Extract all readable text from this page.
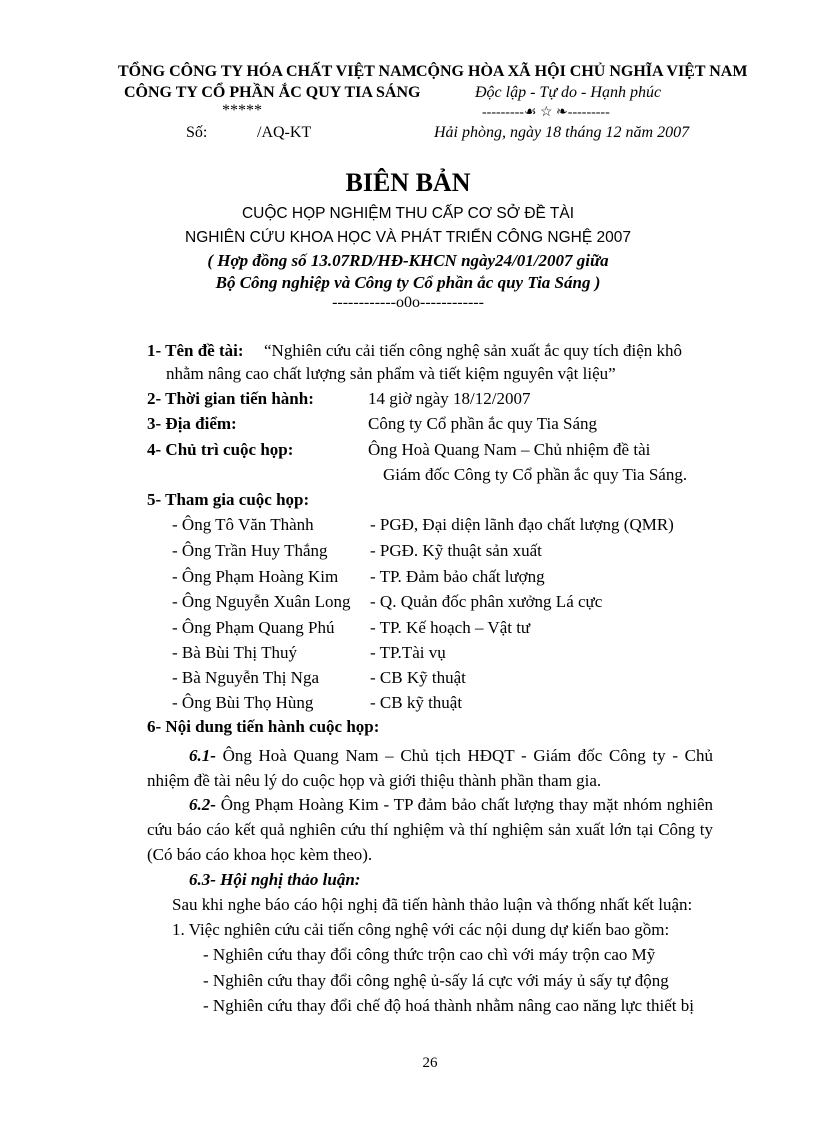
TỔNG CÔNG TY HÓA CHẤT VIỆT NAM
CÔNG TY CỔ PHẦN ẮC QUY TIA SÁNG
*****
Số:	/AQ-KT
CỘNG HÒA XÃ HỘI CHỦ NGHĨA VIỆT NAM
Độc lập - Tự do - Hạnh phúc
---------☙ ☆ ❧---------
Hải phòng, ngày 18 tháng 12 năm 2007
BIÊN BẢN
CUỘC HỌP NGHIỆM THU CẤP CƠ SỞ ĐỀ TÀI
NGHIÊN CỨU KHOA HỌC VÀ PHÁT TRIỂN CÔNG NGHỆ 2007
( Hợp đồng số 13.07RD/HĐ-KHCN ngày24/01/2007 giữa
Bộ Công nghiệp và Công ty Cổ phần ắc quy Tia Sáng )
------------o0o------------
1- Tên đề tài: “Nghiên cứu cải tiến công nghệ sản xuất ắc quy tích điện khô
nhằm nâng cao chất lượng sản phẩm và tiết kiệm nguyên vật liệu”
2- Thời gian tiến hành:	14 giờ ngày 18/12/2007
3- Địa điểm:	Công ty Cổ phần ắc quy Tia Sáng
4- Chủ trì cuộc họp:	Ông Hoà Quang Nam – Chủ nhiệm đề tài
Giám đốc Công ty Cổ phần ắc quy Tia Sáng.
5- Tham gia cuộc họp:
- Ông Tô Văn Thành	- PGĐ, Đại diện lãnh đạo chất lượng (QMR)
- Ông Trần Huy Thắng - PGĐ. Kỹ thuật sản xuất
- Ông Phạm Hoàng Kim - TP. Đảm bảo chất lượng
- Ông Nguyễn Xuân Long - Q. Quản đốc phân xưởng Lá cực
- Ông Phạm Quang Phú - TP. Kế hoạch – Vật tư
- Bà Bùi Thị Thuý	- TP.Tài vụ
- Bà Nguyễn Thị Nga	- CB Kỹ thuật
- Ông Bùi Thọ Hùng	- CB kỹ thuật
6- Nội dung tiến hành cuộc họp:
6.1- Ông Hoà Quang Nam – Chủ tịch HĐQT - Giám đốc Công ty - Chủ nhiệm đề tài nêu lý do cuộc họp và giới thiệu thành phần tham gia.
6.2- Ông Phạm Hoàng Kim - TP đảm bảo chất lượng thay mặt nhóm nghiên cứu báo cáo kết quả nghiên cứu thí nghiệm và thí nghiệm sản xuất lớn tại Công ty (Có báo cáo khoa học kèm theo).
6.3- Hội nghị thảo luận:
Sau khi nghe báo cáo hội nghị đã tiến hành thảo luận và thống nhất kết luận:
1. Việc nghiên cứu cải tiến công nghệ với các nội dung dự kiến bao gồm:
- Nghiên cứu thay đổi công thức trộn cao chì với máy trộn cao Mỹ
- Nghiên cứu thay đổi công nghệ ủ-sấy lá cực với máy ủ sấy tự động
- Nghiên cứu thay đổi chế độ hoá thành nhằm nâng cao năng lực thiết bị
26
